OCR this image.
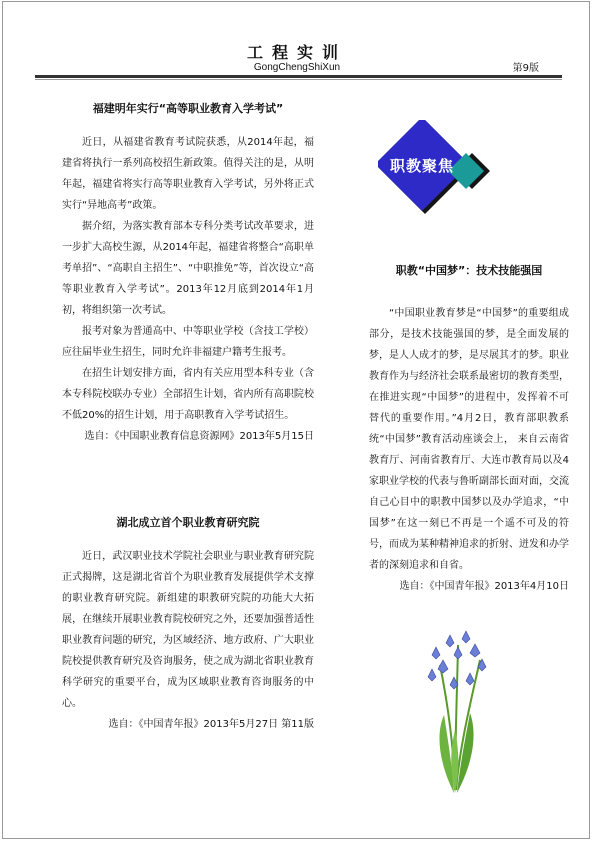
工程实训
GongChengShiXun	第9版
福建明年实行“高等职业教育入学考试”

近日，从福建省教育考试院获悉，从2014年起，福建省将执行一系列高校招生新政策。值得关注的是，从明年起，福建省将实行高等职业教育入学考试，另外将正式实行“异地高考”政策。

据介绍，为落实教育部本专科分类考试改革要求，进一步扩大高校生源，从2014年起，福建省将整合“高职单考单招”、“高职自主招生”、“中职推免”等，首次设立“高等职业教育入学考试”。2013年12月底到2014年1月初，将组织第一次考试。

报考对象为普通高中、中等职业学校（含技工学校）应往届毕业生招生，同时允许非福建户籍考生报考。

在招生计划安排方面，省内有关应用型本科专业（含本专科院校联办专业）全部招生计划，省内所有高职院校不低20%的招生计划，用于高职教育入学考试招生。

选自：《中国职业教育信息资源网》2013年5月15日
湖北成立首个职业教育研究院

近日，武汉职业技术学院社会职业与职业教育研究院正式揭牌，这是湖北省首个为职业教育发展提供学术支撑的职业教育研究院。新组建的职教研究院的功能大大拓展，在继续开展职业教育院校研究之外，还要加强普适性职业教育问题的研究，为区域经济、地方政府、广大职业院校提供教育研究及咨询服务，使之成为湖北省职业教育科学研究的重要平台，成为区域职业教育咨询服务的中心。

选自：《中国青年报》2013年5月27日 第11版
职教聚焦
职教“中国梦”：技术技能强国

“中国职业教育梦是“中国梦”的重要组成部分，是技术技能强国的梦，是全面发展的梦，是人人成才的梦，是尽展其才的梦。职业教育作为与经济社会联系最密切的教育类型，在推进实现“中国梦”的进程中，发挥着不可替代的重要作用。”4月2日，教育部职教系统“中国梦”教育活动座谈会上， 来自云南省教育厅、河南省教育厅、大连市教育局以及4家职业学校的代表与鲁昕副部长面对面，交流自己心目中的职教中国梦以及办学追求，“中国梦”在这一刻已不再是一个遥不可及的符号，而成为某种精神追求的折射、迸发和办学者的深刻追求和自省。

选自：《中国青年报》2013年4月10日
